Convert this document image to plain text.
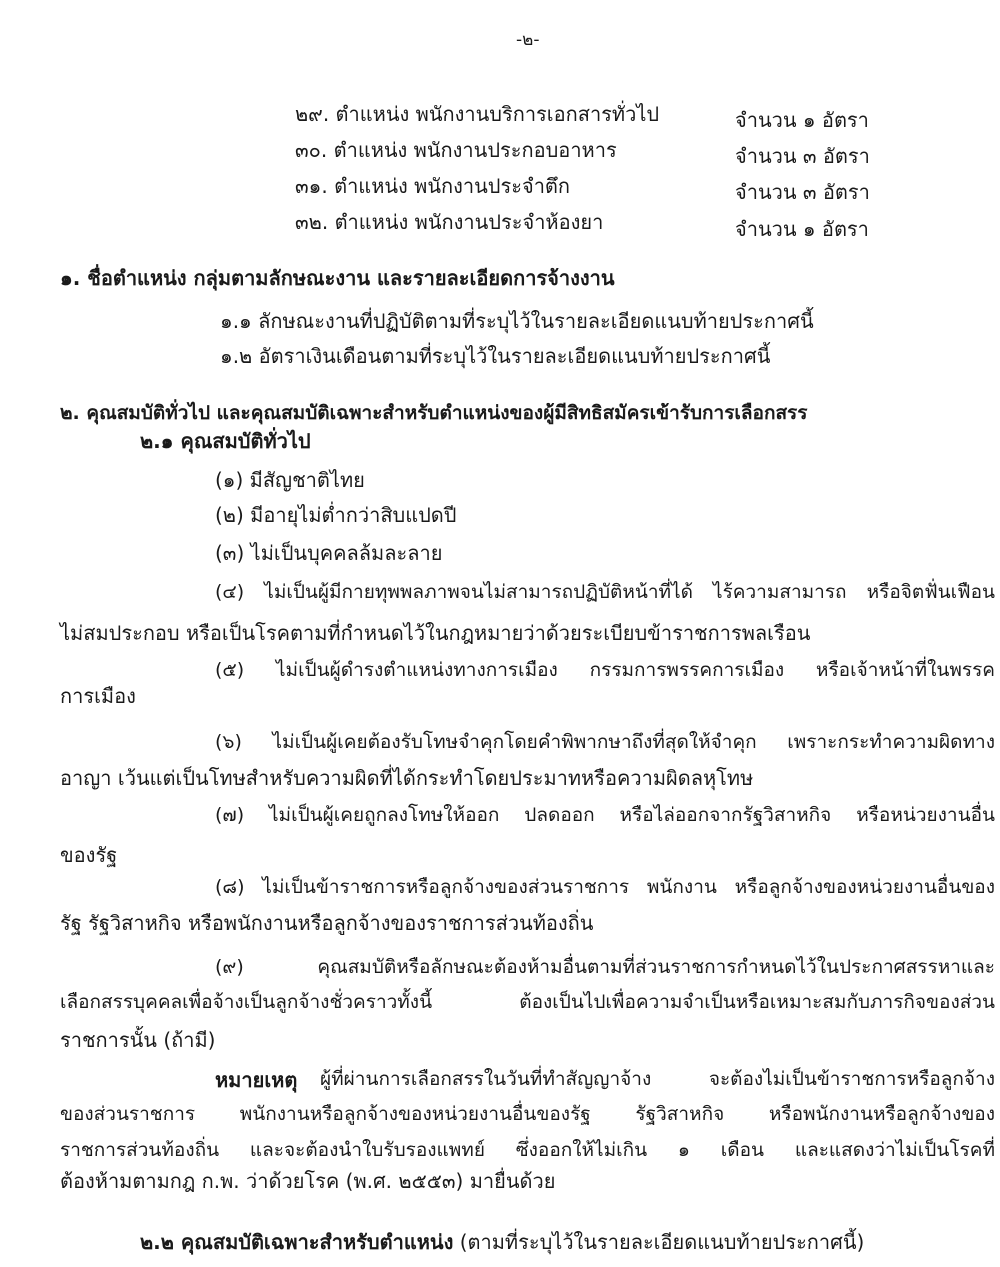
-๒-
๒๙. ตำแหน่ง พนักงานบริการเอกสารทั่วไป	จำนวน ๑ อัตรา
๓๐. ตำแหน่ง พนักงานประกอบอาหาร	จำนวน ๓ อัตรา
๓๑. ตำแหน่ง พนักงานประจำตึก	จำนวน ๓ อัตรา
๓๒. ตำแหน่ง พนักงานประจำห้องยา	จำนวน ๑ อัตรา
๑. ชื่อตำแหน่ง กลุ่มตามลักษณะงาน และรายละเอียดการจ้างงาน
๑.๑ ลักษณะงานที่ปฏิบัติตามที่ระบุไว้ในรายละเอียดแนบท้ายประกาศนี้
๑.๒ อัตราเงินเดือนตามที่ระบุไว้ในรายละเอียดแนบท้ายประกาศนี้
๒. คุณสมบัติทั่วไป และคุณสมบัติเฉพาะสำหรับตำแหน่งของผู้มีสิทธิสมัครเข้ารับการเลือกสรร
๒.๑ คุณสมบัติทั่วไป
(๑) มีสัญชาติไทย
(๒) มีอายุไม่ต่ำกว่าสิบแปดปี
(๓) ไม่เป็นบุคคลล้มละลาย
(๔) ไม่เป็นผู้มีกายทุพพลภาพจนไม่สามารถปฏิบัติหน้าที่ได้ ไร้ความสามารถ หรือจิตฟั่นเฟือน
ไม่สมประกอบ หรือเป็นโรคตามที่กำหนดไว้ในกฎหมายว่าด้วยระเบียบข้าราชการพลเรือน
(๕) ไม่เป็นผู้ดำรงตำแหน่งทางการเมือง กรรมการพรรคการเมือง หรือเจ้าหน้าที่ในพรรค
การเมือง
(๖) ไม่เป็นผู้เคยต้องรับโทษจำคุกโดยคำพิพากษาถึงที่สุดให้จำคุก เพราะกระทำความผิดทาง
อาญา เว้นแต่เป็นโทษสำหรับความผิดที่ได้กระทำโดยประมาทหรือความผิดลหุโทษ
(๗) ไม่เป็นผู้เคยถูกลงโทษให้ออก ปลดออก หรือไล่ออกจากรัฐวิสาหกิจ หรือหน่วยงานอื่น
ของรัฐ
(๘) ไม่เป็นข้าราชการหรือลูกจ้างของส่วนราชการ พนักงาน หรือลูกจ้างของหน่วยงานอื่นของ
รัฐ รัฐวิสาหกิจ หรือพนักงานหรือลูกจ้างของราชการส่วนท้องถิ่น
(๙) คุณสมบัติหรือลักษณะต้องห้ามอื่นตามที่ส่วนราชการกำหนดไว้ในประกาศสรรหาและ
เลือกสรรบุคคลเพื่อจ้างเป็นลูกจ้างชั่วคราวทั้งนี้ ต้องเป็นไปเพื่อความจำเป็นหรือเหมาะสมกับภารกิจของส่วน
ราชการนั้น (ถ้ามี)
หมายเหตุ ผู้ที่ผ่านการเลือกสรรในวันที่ทำสัญญาจ้าง จะต้องไม่เป็นข้าราชการหรือลูกจ้าง
ของส่วนราชการ พนักงานหรือลูกจ้างของหน่วยงานอื่นของรัฐ รัฐวิสาหกิจ หรือพนักงานหรือลูกจ้างของ
ราชการส่วนท้องถิ่น และจะต้องนำใบรับรองแพทย์ ซึ่งออกให้ไม่เกิน ๑ เดือน และแสดงว่าไม่เป็นโรคที่
ต้องห้ามตามกฎ ก.พ. ว่าด้วยโรค (พ.ศ. ๒๕๕๓) มายื่นด้วย
๒.๒ คุณสมบัติเฉพาะสำหรับตำแหน่ง (ตามที่ระบุไว้ในรายละเอียดแนบท้ายประกาศนี้)
